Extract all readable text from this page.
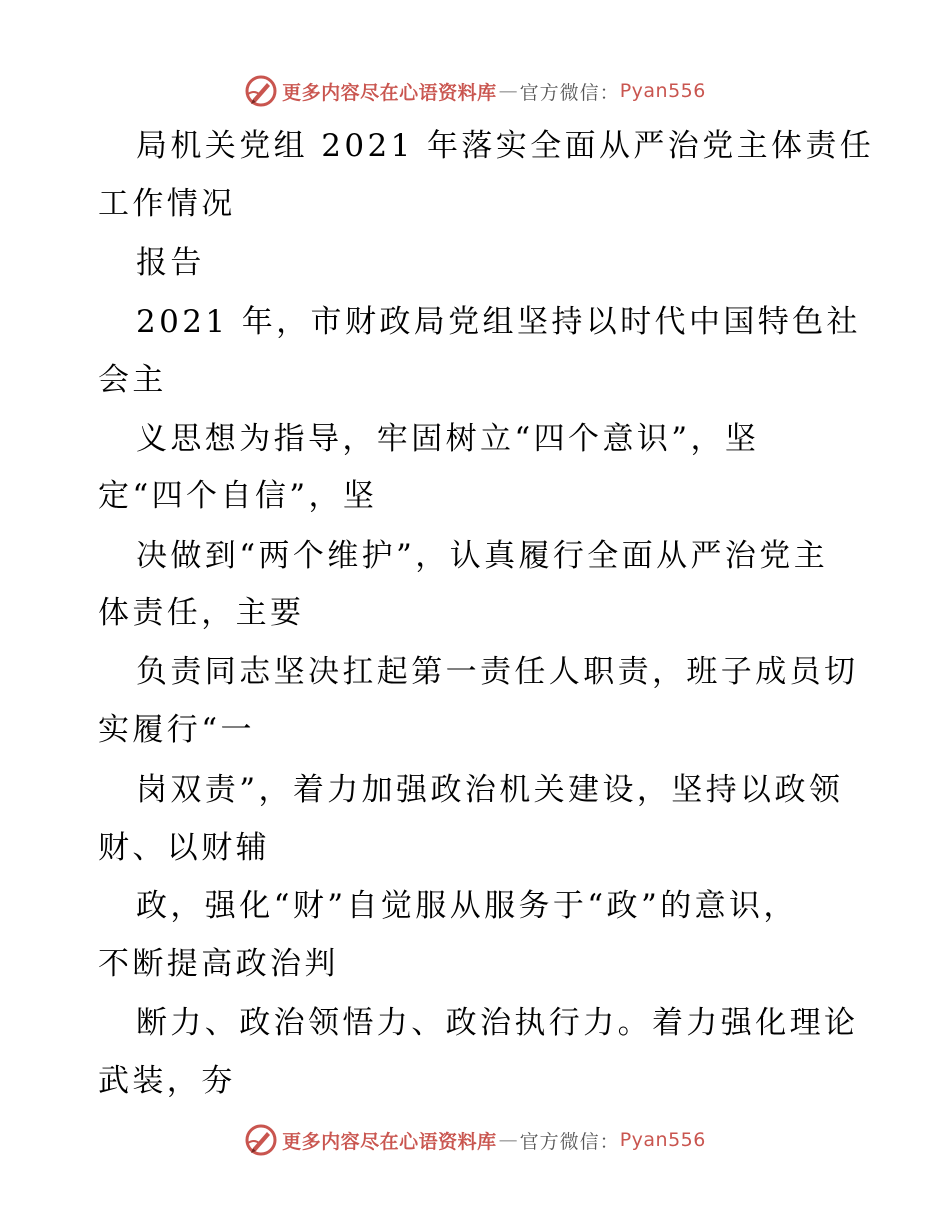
更多内容尽在心语资料库 — 官方微信： Pyan556
局机关党组 2021 年落实全面从严治党主体责任
工作情况
报告
2021 年，市财政局党组坚持以时代中国特色社
会主
义思想为指导，牢固树立“四个意识”，坚
定“四个自信”，坚
决做到“两个维护”，认真履行全面从严治党主
体责任，主要
负责同志坚决扛起第一责任人职责，班子成员切
实履行“一
岗双责”，着力加强政治机关建设，坚持以政领
财、以财辅
政，强化“财”自觉服从服务于“政”的意识，
不断提高政治判
断力、政治领悟力、政治执行力。着力强化理论
武装，夯
更多内容尽在心语资料库 — 官方微信： Pyan556
